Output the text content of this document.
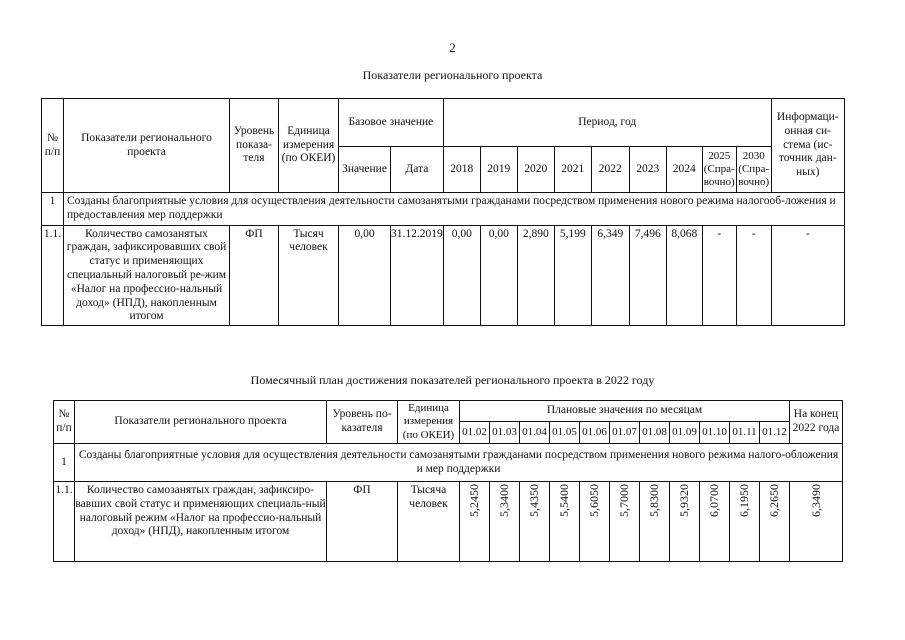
2
Показатели регионального проекта
№ п/п	Показатели регионального проекта	Уровень показа-теля	Единица измерения (по ОКЕИ)	Базовое значение		Период, год									Информаци-онная си-стема (ис-точник дан-ных)
				Значение	Дата	2018	2019	2020	2021	2022	2023	2024	2025 (Спра-вочно)	2030 (Спра-вочно)	
1	Созданы благоприятные условия для осуществления деятельности самозанятыми гражданами посредством применения нового режима налогооб-ложения и предоставления мер поддержки														
1.1.	Количество самозанятых граждан, зафиксировавших свой статус и применяющих специальный налоговый ре-жим «Налог на профессио-нальный доход» (НПД), накопленным итогом	ФП	Тысяч человек	0,00	31.12.2019	0,00	0,00	2,890	5,199	6,349	7,496	8,068	-	-	-
Помесячный план достижения показателей регионального проекта в 2022 году
№ п/п	Показатели регионального проекта	Уровень по-казателя	Единица измерения (по ОКЕИ)	Плановые значения по месяцам											На конец 2022 года
				01.02	01.03	01.04	01.05	01.06	01.07	01.08	01.09	01.10	01.11	01.12	
1	Созданы благоприятные условия для осуществления деятельности самозанятыми гражданами посредством применения нового режима налого-обложения и мер поддержки														
1.1.	Количество самозанятых граждан, зафиксиро-вавших свой статус и применяющих специаль-ный налоговый режим «Налог на профессио-нальный доход» (НПД), накопленным итогом	ФП	Тысяча человек	5,2450	5,3400	5,4350	5,5400	5,6050	5,7000	5,8300	5,9320	6,0700	6,1950	6,2650	6,3490
